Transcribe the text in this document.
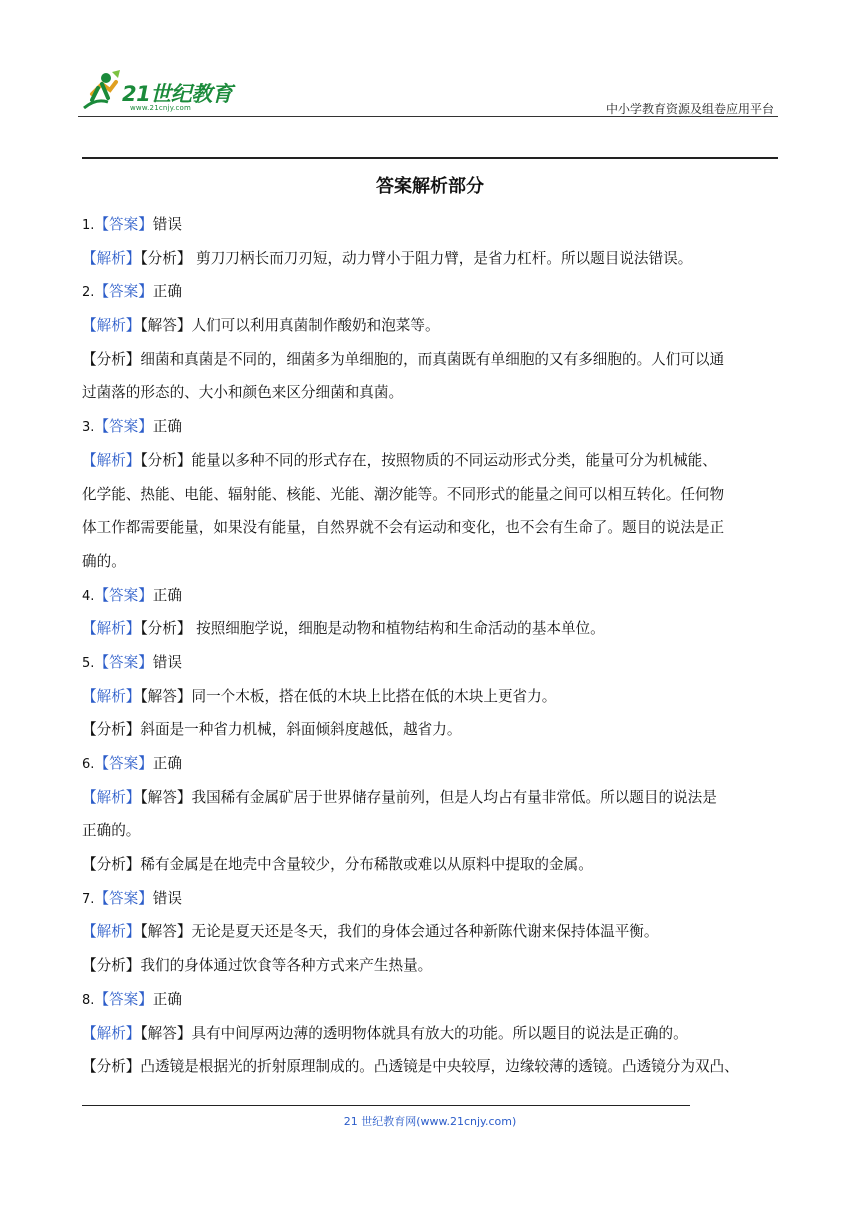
21世纪教育
www.21cnjy.com	中小学教育资源及组卷应用平台
答案解析部分
1.【答案】错误
【解析】【分析】 剪刀刀柄长而刀刃短，动力臂小于阻力臂，是省力杠杆。所以题目说法错误。
2.【答案】正确
【解析】【解答】人们可以利用真菌制作酸奶和泡菜等。
【分析】细菌和真菌是不同的，细菌多为单细胞的，而真菌既有单细胞的又有多细胞的。人们可以通
过菌落的形态的、大小和颜色来区分细菌和真菌。
3.【答案】正确
【解析】【分析】能量以多种不同的形式存在，按照物质的不同运动形式分类，能量可分为机械能、
化学能、热能、电能、辐射能、核能、光能、潮汐能等。不同形式的能量之间可以相互转化。任何物
体工作都需要能量，如果没有能量，自然界就不会有运动和变化，也不会有生命了。题目的说法是正
确的。
4.【答案】正确
【解析】【分析】 按照细胞学说，细胞是动物和植物结构和生命活动的基本单位。
5.【答案】错误
【解析】【解答】同一个木板，搭在低的木块上比搭在低的木块上更省力。
【分析】斜面是一种省力机械，斜面倾斜度越低，越省力。
6.【答案】正确
【解析】【解答】我国稀有金属矿居于世界储存量前列，但是人均占有量非常低。所以题目的说法是
正确的。
【分析】稀有金属是在地壳中含量较少，分布稀散或难以从原料中提取的金属。
7.【答案】错误
【解析】【解答】无论是夏天还是冬天，我们的身体会通过各种新陈代谢来保持体温平衡。
【分析】我们的身体通过饮食等各种方式来产生热量。
8.【答案】正确
【解析】【解答】具有中间厚两边薄的透明物体就具有放大的功能。所以题目的说法是正确的。
【分析】凸透镜是根据光的折射原理制成的。凸透镜是中央较厚，边缘较薄的透镜。凸透镜分为双凸、
21 世纪教育网(www.21cnjy.com)
